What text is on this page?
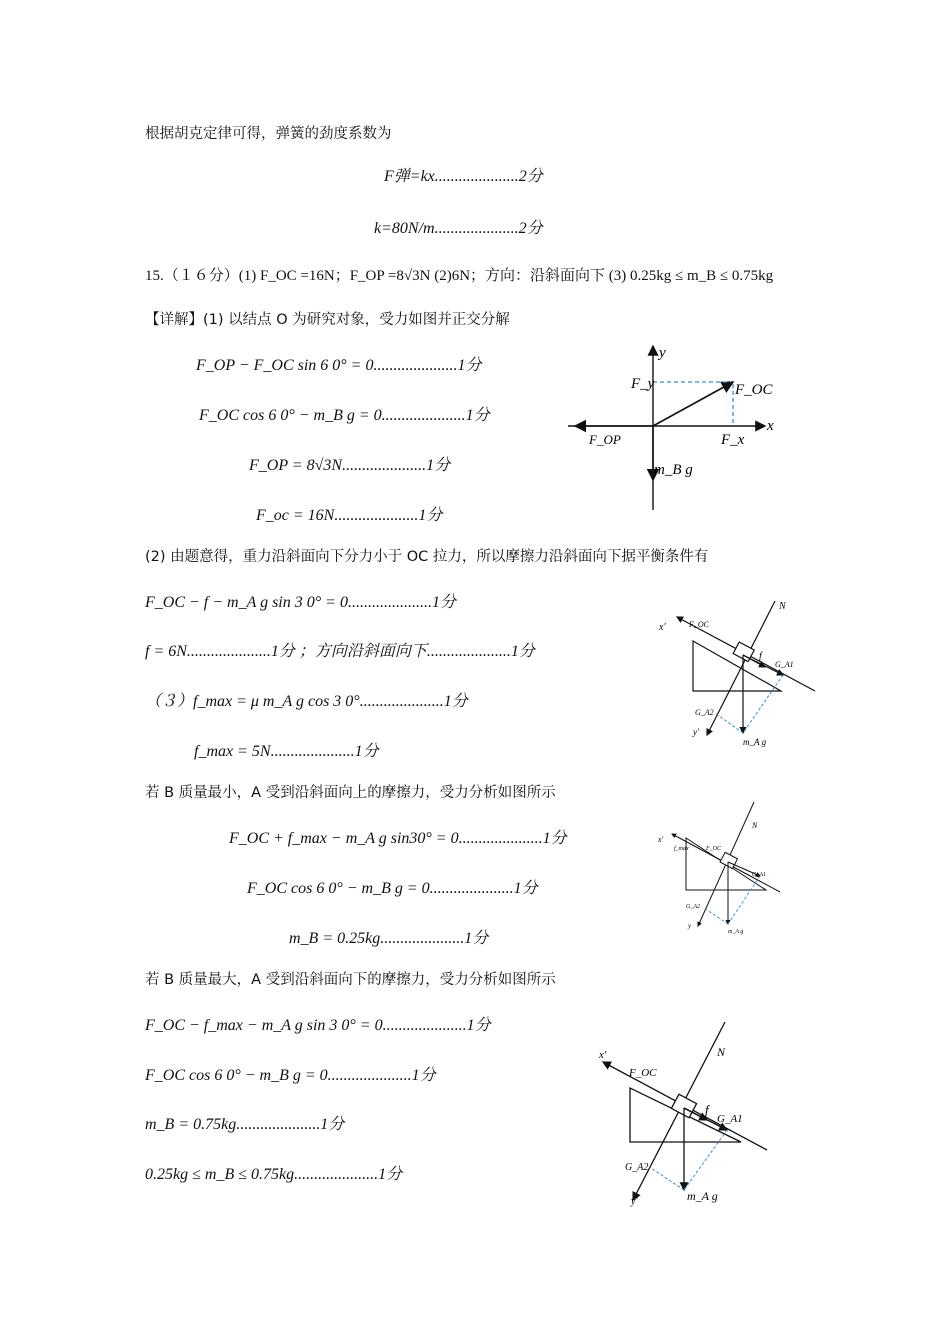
根据胡克定律可得，弹簧的劲度系数为
F弹=kx.....................2分
k=80N/m.....................2分
15.（１６分）(1) F_OC =16N；F_OP =8√3N (2)6N；方向：沿斜面向下 (3) 0.25kg ≤ m_B ≤ 0.75kg
【详解】(1) 以结点 O 为研究对象，受力如图并正交分解
F_OP − F_OC sin 6 0° = 0.....................1分
F_OC cos 6 0° − m_B g = 0.....................1分
F_OP = 8√3N.....................1分
F_oc = 16N.....................1分
(2) 由题意得，重力沿斜面向下分力小于 OC 拉力，所以摩擦力沿斜面向下据平衡条件有
F_OC − f − m_A g sin 3 0° = 0.....................1分
f = 6N.....................1分 ；方向沿斜面向下.....................1分
（３）f_max = μ m_A g cos 3 0°.....................1分
f_max = 5N.....................1分
若 B 质量最小，A 受到沿斜面向上的摩擦力，受力分析如图所示
F_OC + f_max − m_A g sin30° = 0.....................1分
F_OC cos 6 0° − m_B g = 0.....................1分
m_B = 0.25kg.....................1分
若 B 质量最大，A 受到沿斜面向下的摩擦力，受力分析如图所示
F_OC − f_max − m_A g sin 3 0° = 0.....................1分
F_OC cos 6 0° − m_B g = 0.....................1分
m_B = 0.75kg.....................1分
0.25kg ≤ m_B ≤ 0.75kg.....................1分
y
x
F_y	F_OC
F_OP	F_x
m_B g
N
x′	F_OC
f
G_A1
G_A2
y′
m_A g
N
x′
f_max	F_OC
G_A1
G_A2
y
m_A g
N
x′
F_OC
f
G_A1
G_A2
y′	m_A g
